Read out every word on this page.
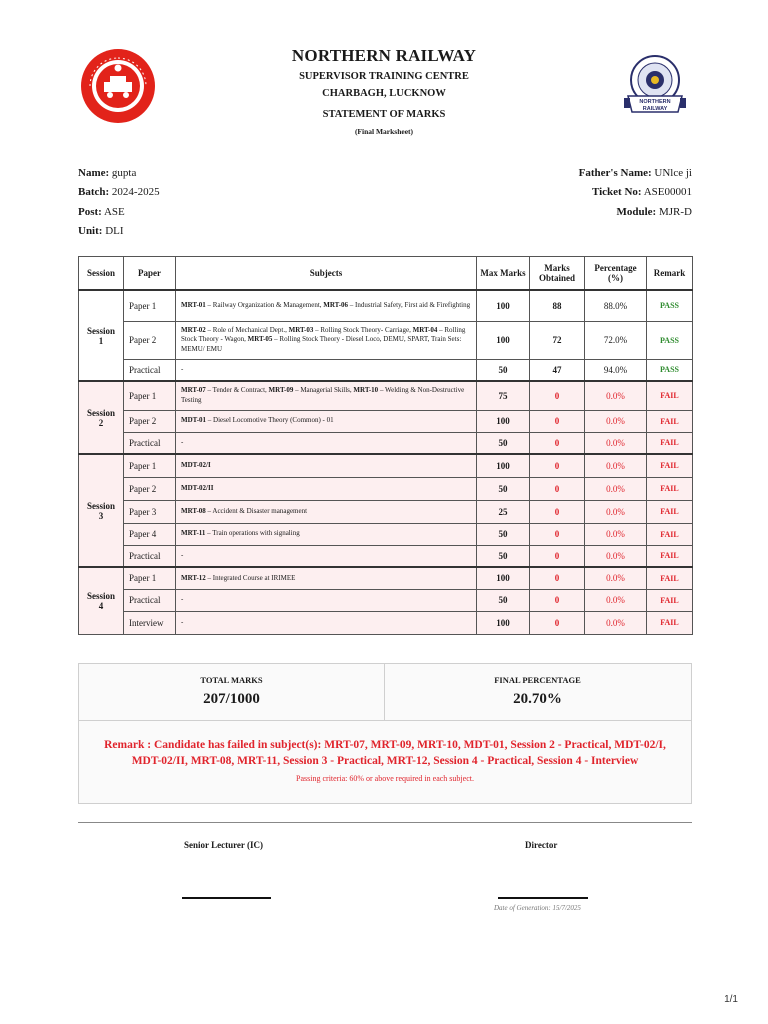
NORTHERN
RAILWAY
NORTHERN RAILWAY
SUPERVISOR TRAINING CENTRE
CHARBAGH, LUCKNOW
STATEMENT OF MARKS
(Final Marksheet)
Name: gupta
Batch: 2024-2025
Post: ASE
Unit: DLI
Father's Name: UNlce ji
Ticket No: ASE00001
Module: MJR-D
Session	Paper	Subjects	Max Marks	Marks Obtained	Percentage (%)	Remark
Session 1	Paper 1	MRT-01 – Railway Organization & Management, MRT-06 – Industrial Safety, First aid & Firefighting	100	88	88.0%	PASS
	Paper 2	MRT-02 – Role of Mechanical Dept., MRT-03 – Rolling Stock Theory- Carriage, MRT-04 – Rolling Stock Theory - Wagon, MRT-05 – Rolling Stock Theory - Diesel Loco, DEMU, SPART, Train Sets: MEMU/ EMU	100	72	72.0%	PASS
	Practical	-	50	47	94.0%	PASS
Session 2	Paper 1	MRT-07 – Tender & Contract, MRT-09 – Managerial Skills, MRT-10 – Welding & Non-Destructive Testing	75	0	0.0%	FAIL
	Paper 2	MDT-01 – Diesel Locomotive Theory (Common) - 01	100	0	0.0%	FAIL
	Practical	-	50	0	0.0%	FAIL
Session 3	Paper 1	MDT-02/I	100	0	0.0%	FAIL
	Paper 2	MDT-02/II	50	0	0.0%	FAIL
	Paper 3	MRT-08 – Accident & Disaster management	25	0	0.0%	FAIL
	Paper 4	MRT-11 – Train operations with signaling	50	0	0.0%	FAIL
	Practical	-	50	0	0.0%	FAIL
Session 4	Paper 1	MRT-12 – Integrated Course at IRIMEE	100	0	0.0%	FAIL
	Practical	-	50	0	0.0%	FAIL
	Interview	-	100	0	0.0%	FAIL
TOTAL MARKS
207/1000
FINAL PERCENTAGE
20.70%
Remark : Candidate has failed in subject(s): MRT-07, MRT-09, MRT-10, MDT-01, Session 2 - Practical, MDT-02/I, MDT-02/II, MRT-08, MRT-11, Session 3 - Practical, MRT-12, Session 4 - Practical, Session 4 - Interview
Passing criteria: 60% or above required in each subject.
Senior Lecturer (IC)	Director
Date of Generation: 15/7/2025
1/1
